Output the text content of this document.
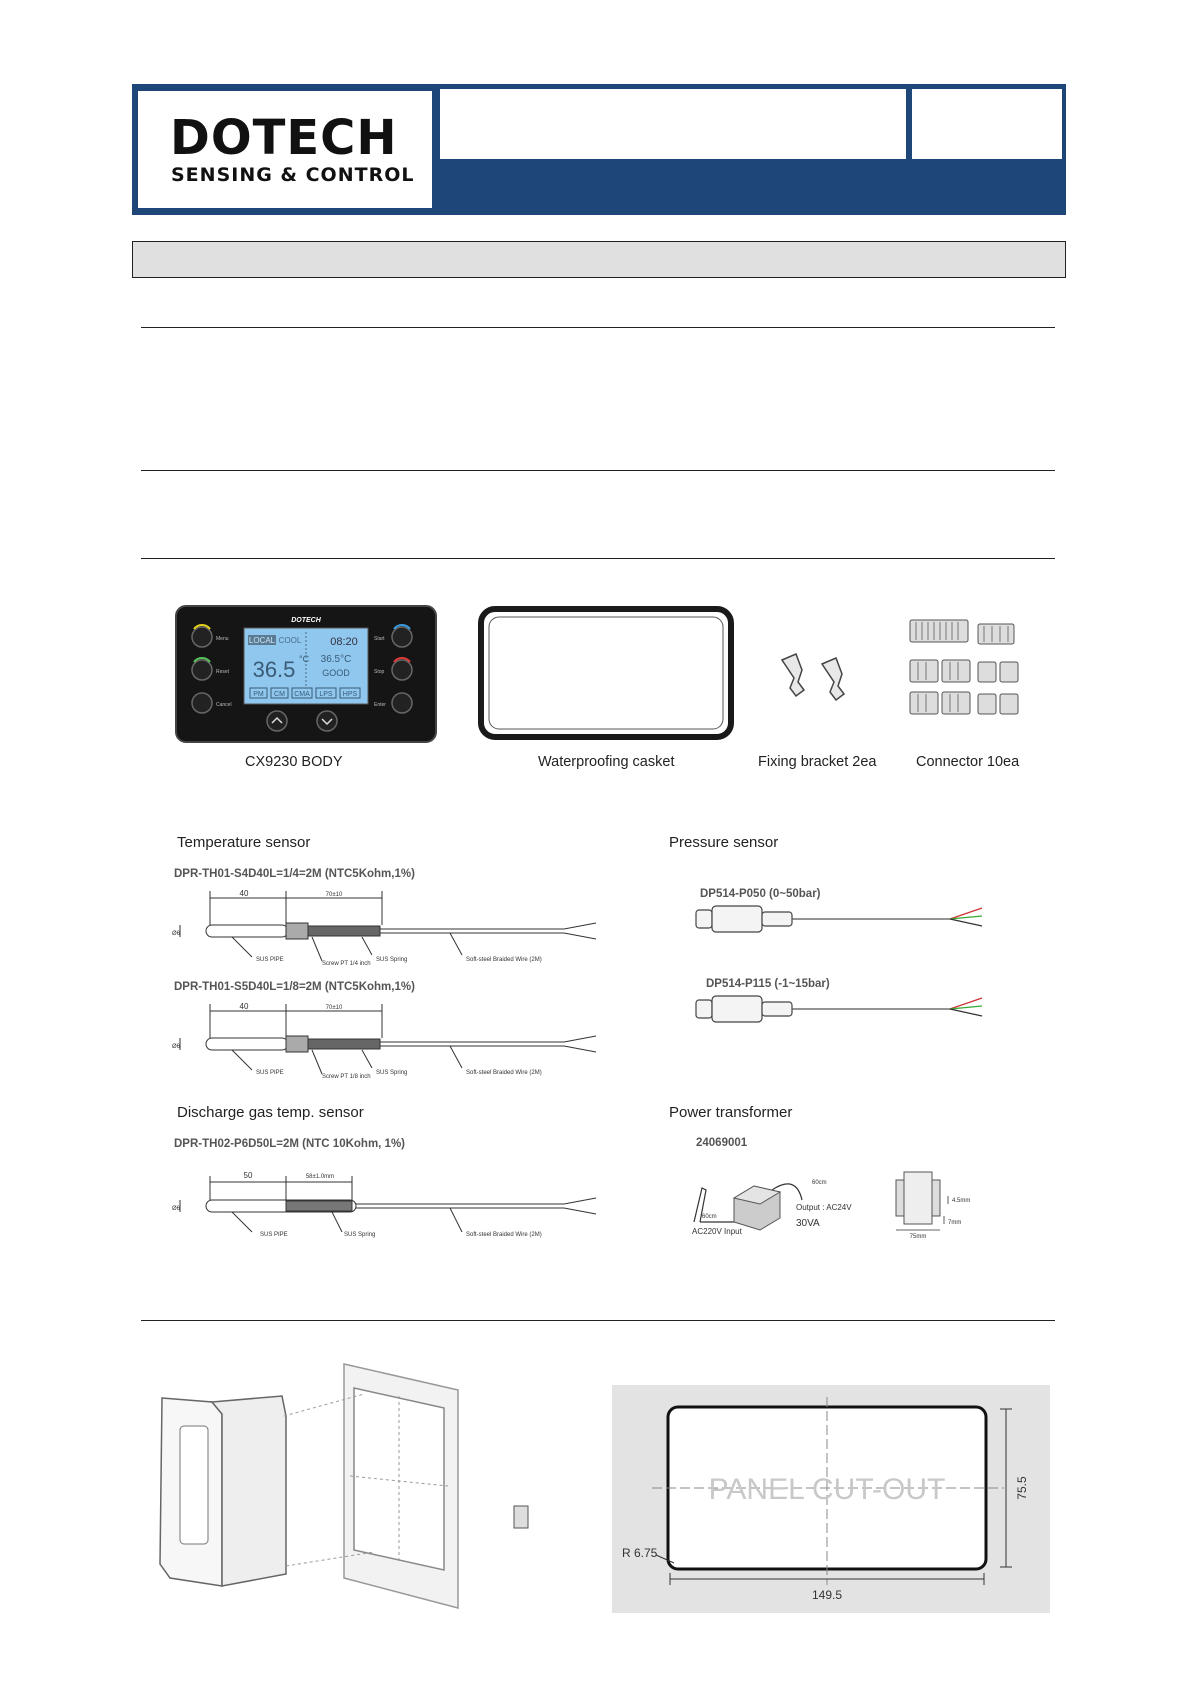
DOTECH
SENSING & CONTROL
DOTECH
LOCAL COOL	08:20
36.5 °C 36.5°C
GOOD
PM CM CMA LPS HPS
Menu
Reset
Cancel
Start
Stop
Enter
CX9230 BODY	Waterproofing casket	Fixing bracket 2ea	Connector 10ea
Temperature sensor
DPR-TH01-S4D40L=1/4=2M (NTC5Kohm,1%)
40	70±10
Ø6
SUS PIPE
Screw PT 1/4 inch
SUS Spring	Soft-steel Braided Wire (2M)
DPR-TH01-S5D40L=1/8=2M (NTC5Kohm,1%)
40	70±10
Ø6
SUS PIPE
Screw PT 1/8 inch
SUS Spring	Soft-steel Braided Wire (2M)
Pressure sensor
DP514-P050 (0~50bar)
DP514-P115 (-1~15bar)
Discharge gas temp. sensor
DPR-TH02-P6D50L=2M (NTC 10Kohm, 1%)
50	58±1.0mm
Ø6
SUS PIPE	SUS Spring	Soft-steel Braided Wire (2M)
Power transformer
24069001
60cm
60cm
Output : AC24V
30VA
AC220V Input
75mm
4.5mm
7mm
PANEL CUT-OUT
149.5
R 6.75
75.5
